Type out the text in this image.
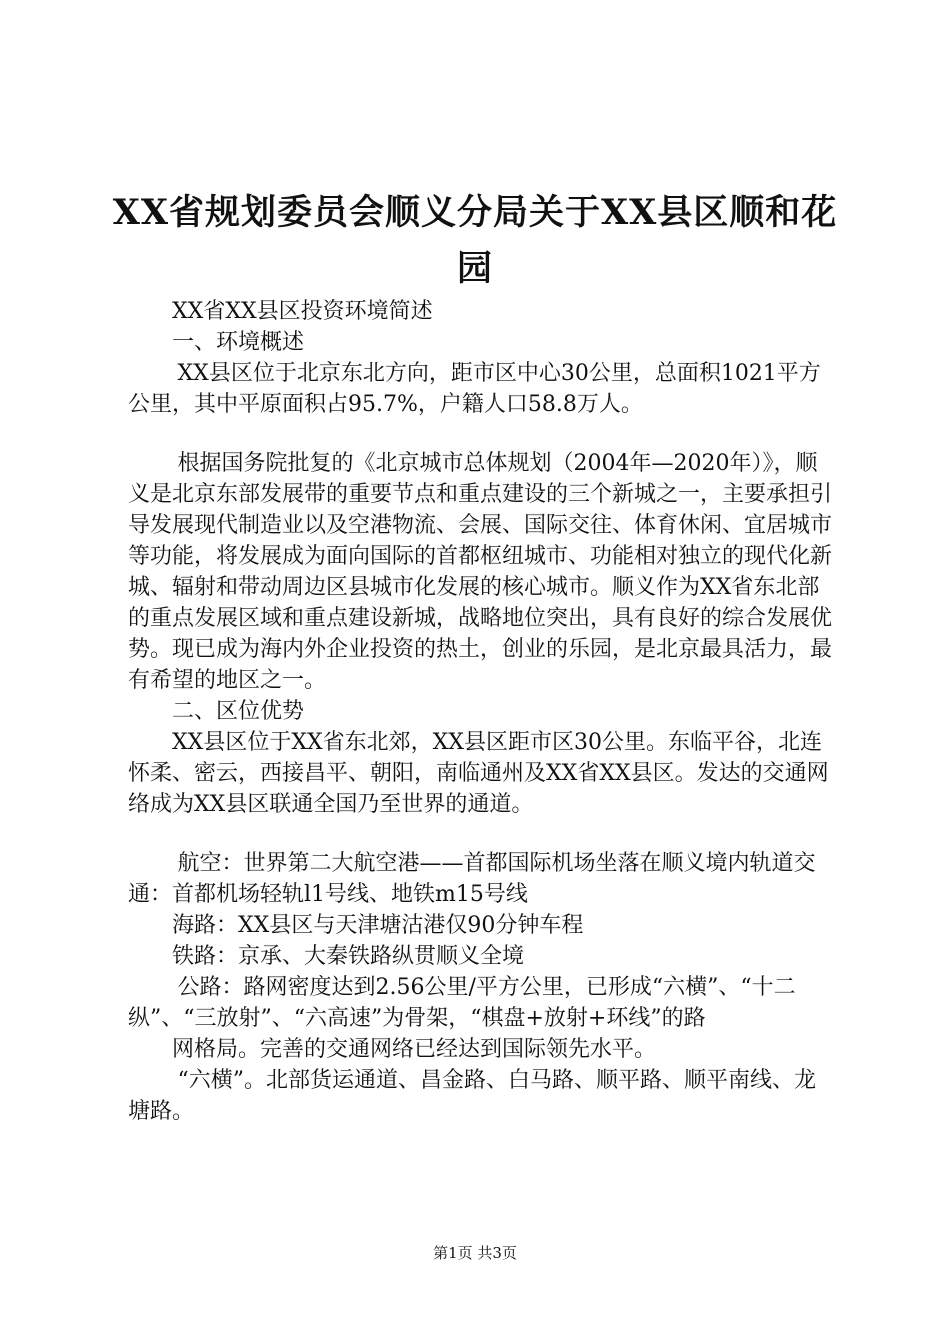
XX省规划委员会顺义分局关于XX县区顺和花园

XX省XX县区投资环境简述

一、环境概述

XX县区位于北京东北方向，距市区中心30公里，总面积1021平方公里，其中平原面积占95.7%，户籍人口58.8万人。

根据国务院批复的《北京城市总体规划（2004年—2020年）》，顺义是北京东部发展带的重要节点和重点建设的三个新城之一，主要承担引导发展现代制造业以及空港物流、会展、国际交往、体育休闲、宜居城市等功能，将发展成为面向国际的首都枢纽城市、功能相对独立的现代化新城、辐射和带动周边区县城市化发展的核心城市。顺义作为XX省东北部的重点发展区域和重点建设新城，战略地位突出，具有良好的综合发展优势。现已成为海内外企业投资的热土，创业的乐园，是北京最具活力，最有希望的地区之一。

二、区位优势

XX县区位于XX省东北郊，XX县区距市区30公里。东临平谷，北连怀柔、密云，西接昌平、朝阳，南临通州及XX省XX县区。发达的交通网络成为XX县区联通全国乃至世界的通道。

航空：世界第二大航空港——首都国际机场坐落在顺义境内轨道交通：首都机场轻轨l1号线、地铁m15号线

海路：XX县区与天津塘沽港仅90分钟车程

铁路：京承、大秦铁路纵贯顺义全境

公路：路网密度达到2.56公里/平方公里，已形成“六横”、“十二纵”、“三放射”、“六高速”为骨架，“棋盘+放射+环线”的路

网格局。完善的交通网络已经达到国际领先水平。

“六横”。北部货运通道、昌金路、白马路、顺平路、顺平南线、龙塘路。

第1页 共3页
